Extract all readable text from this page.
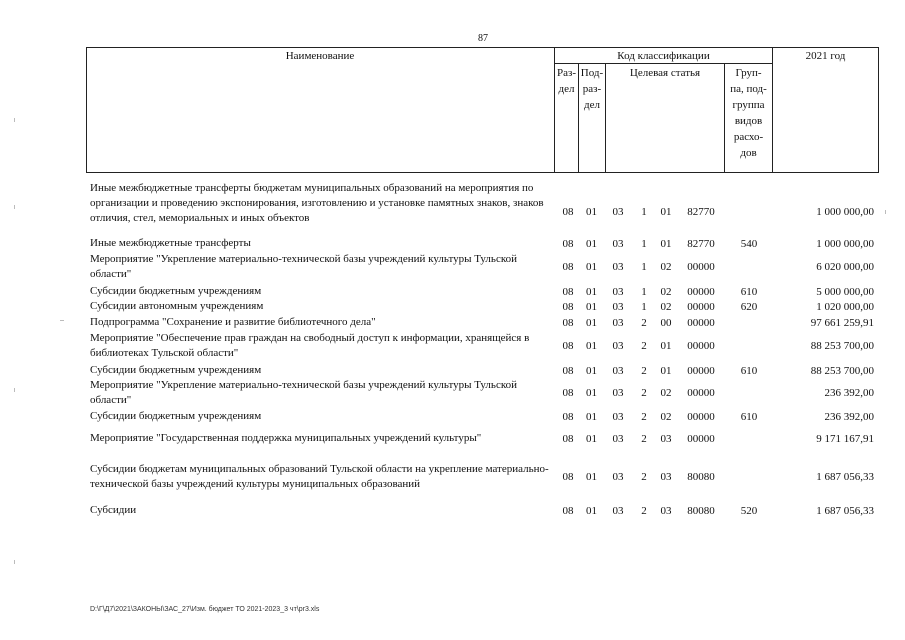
87
Наименование	Код классификации	2021 год
Раз-
дел
Под-
раз-
дел
Целевая статья	Груп-
па, под-
группа
видов
расхо-
дов
Иные межбюджетные трансферты бюджетам муниципальных образований на мероприятия по организации и проведению экспонирования, изготовлению и установке памятных знаков, знаков отличия, стел, мемориальных и иных объектов	08	01	03	1	01	82770	1 000 000,00
Иные межбюджетные трансферты	08	01	03	1	01	82770	540	1 000 000,00
Мероприятие "Укрепление материально-технической базы учреждений культуры Тульской области"
08	01	03	1	02	00000	6 020 000,00
Субсидии бюджетным учреждениям	08	01	03	1	02	00000	610	5 000 000,00
Субсидии автономным учреждениям	08	01	03	1	02	00000	620	1 020 000,00
Подпрограмма "Сохранение и развитие библиотечного дела"	08	01	03	2	00	00000	97 661 259,91
Мероприятие "Обеспечение прав граждан на свободный доступ к информации, хранящейся в библиотеках Тульской области"
08	01	03	2	01	00000	88 253 700,00
Субсидии бюджетным учреждениям	08	01	03	2	01	00000	610	88 253 700,00
Мероприятие "Укрепление материально-технической базы учреждений культуры Тульской области"
08	01	03	2	02	00000	236 392,00
Субсидии бюджетным учреждениям	08	01	03	2	02	00000	610	236 392,00
Мероприятие "Государственная поддержка муниципальных учреждений культуры"	08	01	03	2	03	00000	9 171 167,91
Субсидии бюджетам муниципальных образований Тульской области на укрепление материально-технической базы учреждений культуры муниципальных образований
08	01	03	2	03	80080	1 687 056,33
Субсидии	08	01	03	2	03	80080	520	1 687 056,33
D:\Г\Д7\2021\ЗАКОНЫ\ЗАС_27\Изм. бюджет ТО 2021-2023_3 чт\pr3.xls
